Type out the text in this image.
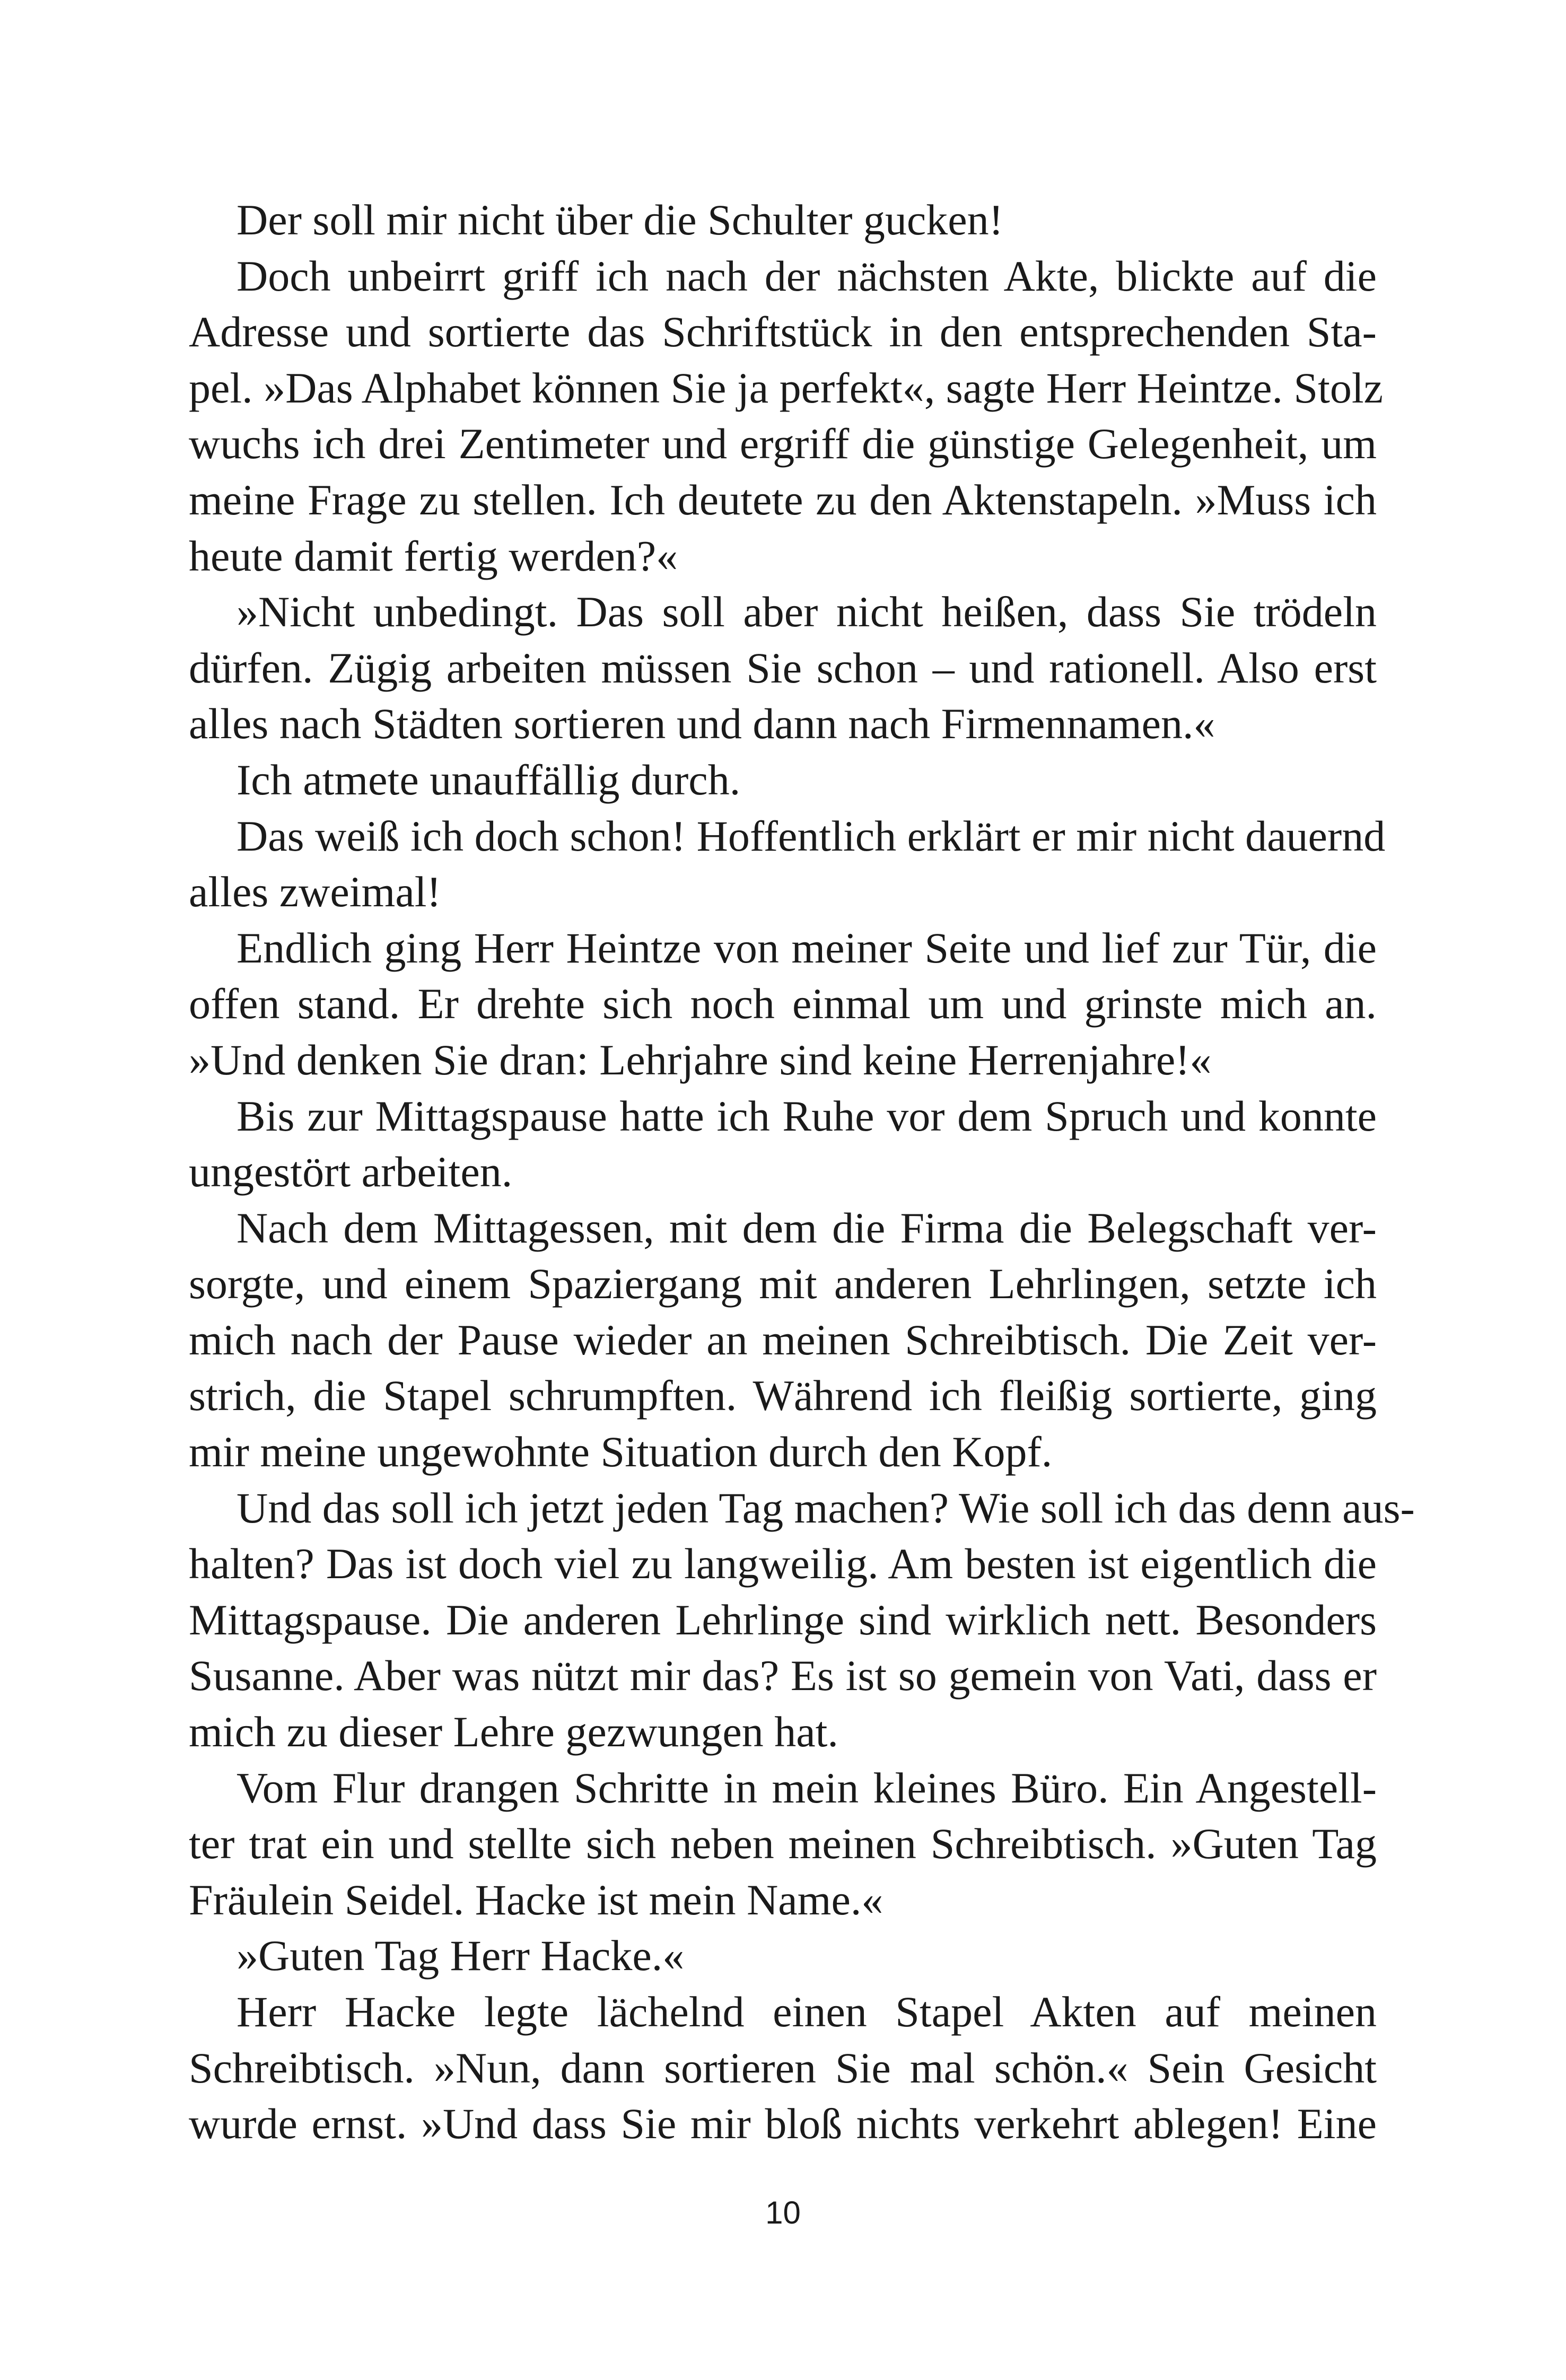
Der soll mir nicht über die Schulter gucken!
Doch unbeirrt griff ich nach der nächsten Akte, blickte auf die
Adresse und sortierte das Schriftstück in den entsprechenden Sta-
pel. »Das Alphabet können Sie ja perfekt«, sagte Herr Heintze. Stolz
wuchs ich drei Zentimeter und ergriff die günstige Gelegenheit, um
meine Frage zu stellen. Ich deutete zu den Aktenstapeln. »Muss ich
heute damit fertig werden?«
»Nicht unbedingt. Das soll aber nicht heißen, dass Sie trödeln
dürfen. Zügig arbeiten müssen Sie schon – und rationell. Also erst
alles nach Städten sortieren und dann nach Firmennamen.«
Ich atmete unauffällig durch.
Das weiß ich doch schon! Hoffentlich erklärt er mir nicht dauernd
alles zweimal!
Endlich ging Herr Heintze von meiner Seite und lief zur Tür, die
offen stand. Er drehte sich noch einmal um und grinste mich an.
»Und denken Sie dran: Lehrjahre sind keine Herrenjahre!«
Bis zur Mittagspause hatte ich Ruhe vor dem Spruch und konnte
ungestört arbeiten.
Nach dem Mittagessen, mit dem die Firma die Belegschaft ver-
sorgte, und einem Spaziergang mit anderen Lehrlingen, setzte ich
mich nach der Pause wieder an meinen Schreibtisch. Die Zeit ver-
strich, die Stapel schrumpften. Während ich fleißig sortierte, ging
mir meine ungewohnte Situation durch den Kopf.
Und das soll ich jetzt jeden Tag machen? Wie soll ich das denn aus-
halten? Das ist doch viel zu langweilig. Am besten ist eigentlich die
Mittagspause. Die anderen Lehrlinge sind wirklich nett. Besonders
Susanne. Aber was nützt mir das? Es ist so gemein von Vati, dass er
mich zu dieser Lehre gezwungen hat.
Vom Flur drangen Schritte in mein kleines Büro. Ein Angestell-
ter trat ein und stellte sich neben meinen Schreibtisch. »Guten Tag
Fräulein Seidel. Hacke ist mein Name.«
»Guten Tag Herr Hacke.«
Herr Hacke legte lächelnd einen Stapel Akten auf meinen
Schreibtisch. »Nun, dann sortieren Sie mal schön.« Sein Gesicht
wurde ernst. »Und dass Sie mir bloß nichts verkehrt ablegen! Eine
10
